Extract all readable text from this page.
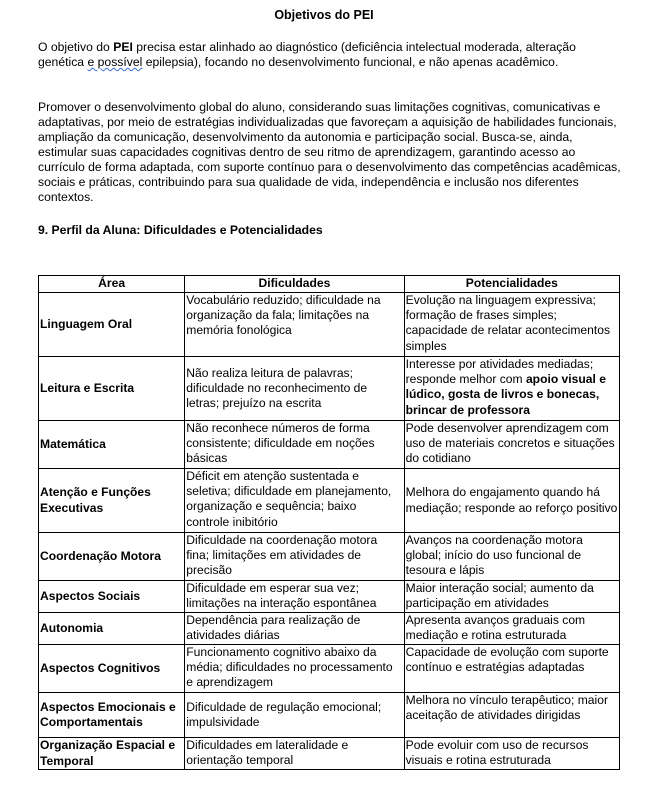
Objetivos do PEI

O objetivo do PEI precisa estar alinhado ao diagnóstico (deficiência intelectual moderada, alteração genética e possível epilepsia), focando no desenvolvimento funcional, e não apenas acadêmico.

Promover o desenvolvimento global do aluno, considerando suas limitações cognitivas, comunicativas e adaptativas, por meio de estratégias individualizadas que favoreçam a aquisição de habilidades funcionais, ampliação da comunicação, desenvolvimento da autonomia e participação social. Busca-se, ainda, estimular suas capacidades cognitivas dentro de seu ritmo de aprendizagem, garantindo acesso ao currículo de forma adaptada, com suporte contínuo para o desenvolvimento das competências acadêmicas, sociais e práticas, contribuindo para sua qualidade de vida, independência e inclusão nos diferentes contextos.

9. Perfil da Aluna: Dificuldades e Potencialidades
Área	Dificuldades	Potencialidades
Linguagem Oral	Vocabulário reduzido; dificuldade na organização da fala; limitações na memória fonológica	Evolução na linguagem expressiva; formação de frases simples; capacidade de relatar acontecimentos simples
Leitura e Escrita	Não realiza leitura de palavras; dificuldade no reconhecimento de letras; prejuízo na escrita	Interesse por atividades mediadas; responde melhor com apoio visual e lúdico, gosta de livros e bonecas, brincar de professora
Matemática	Não reconhece números de forma consistente; dificuldade em noções básicas	Pode desenvolver aprendizagem com uso de materiais concretos e situações do cotidiano
Atenção e Funções Executivas	Déficit em atenção sustentada e seletiva; dificuldade em planejamento, organização e sequência; baixo controle inibitório	Melhora do engajamento quando há mediação; responde ao reforço positivo
Coordenação Motora	Dificuldade na coordenação motora fina; limitações em atividades de precisão	Avanços na coordenação motora global; início do uso funcional de tesoura e lápis
Aspectos Sociais	Dificuldade em esperar sua vez; limitações na interação espontânea	Maior interação social; aumento da participação em atividades
Autonomia	Dependência para realização de atividades diárias	Apresenta avanços graduais com mediação e rotina estruturada
Aspectos Cognitivos	Funcionamento cognitivo abaixo da média; dificuldades no processamento e aprendizagem	Capacidade de evolução com suporte contínuo e estratégias adaptadas
Aspectos Emocionais e Comportamentais	Dificuldade de regulação emocional; impulsividade	Melhora no vínculo terapêutico; maior aceitação de atividades dirigidas
Organização Espacial e Temporal	Dificuldades em lateralidade e orientação temporal	Pode evoluir com uso de recursos visuais e rotina estruturada
